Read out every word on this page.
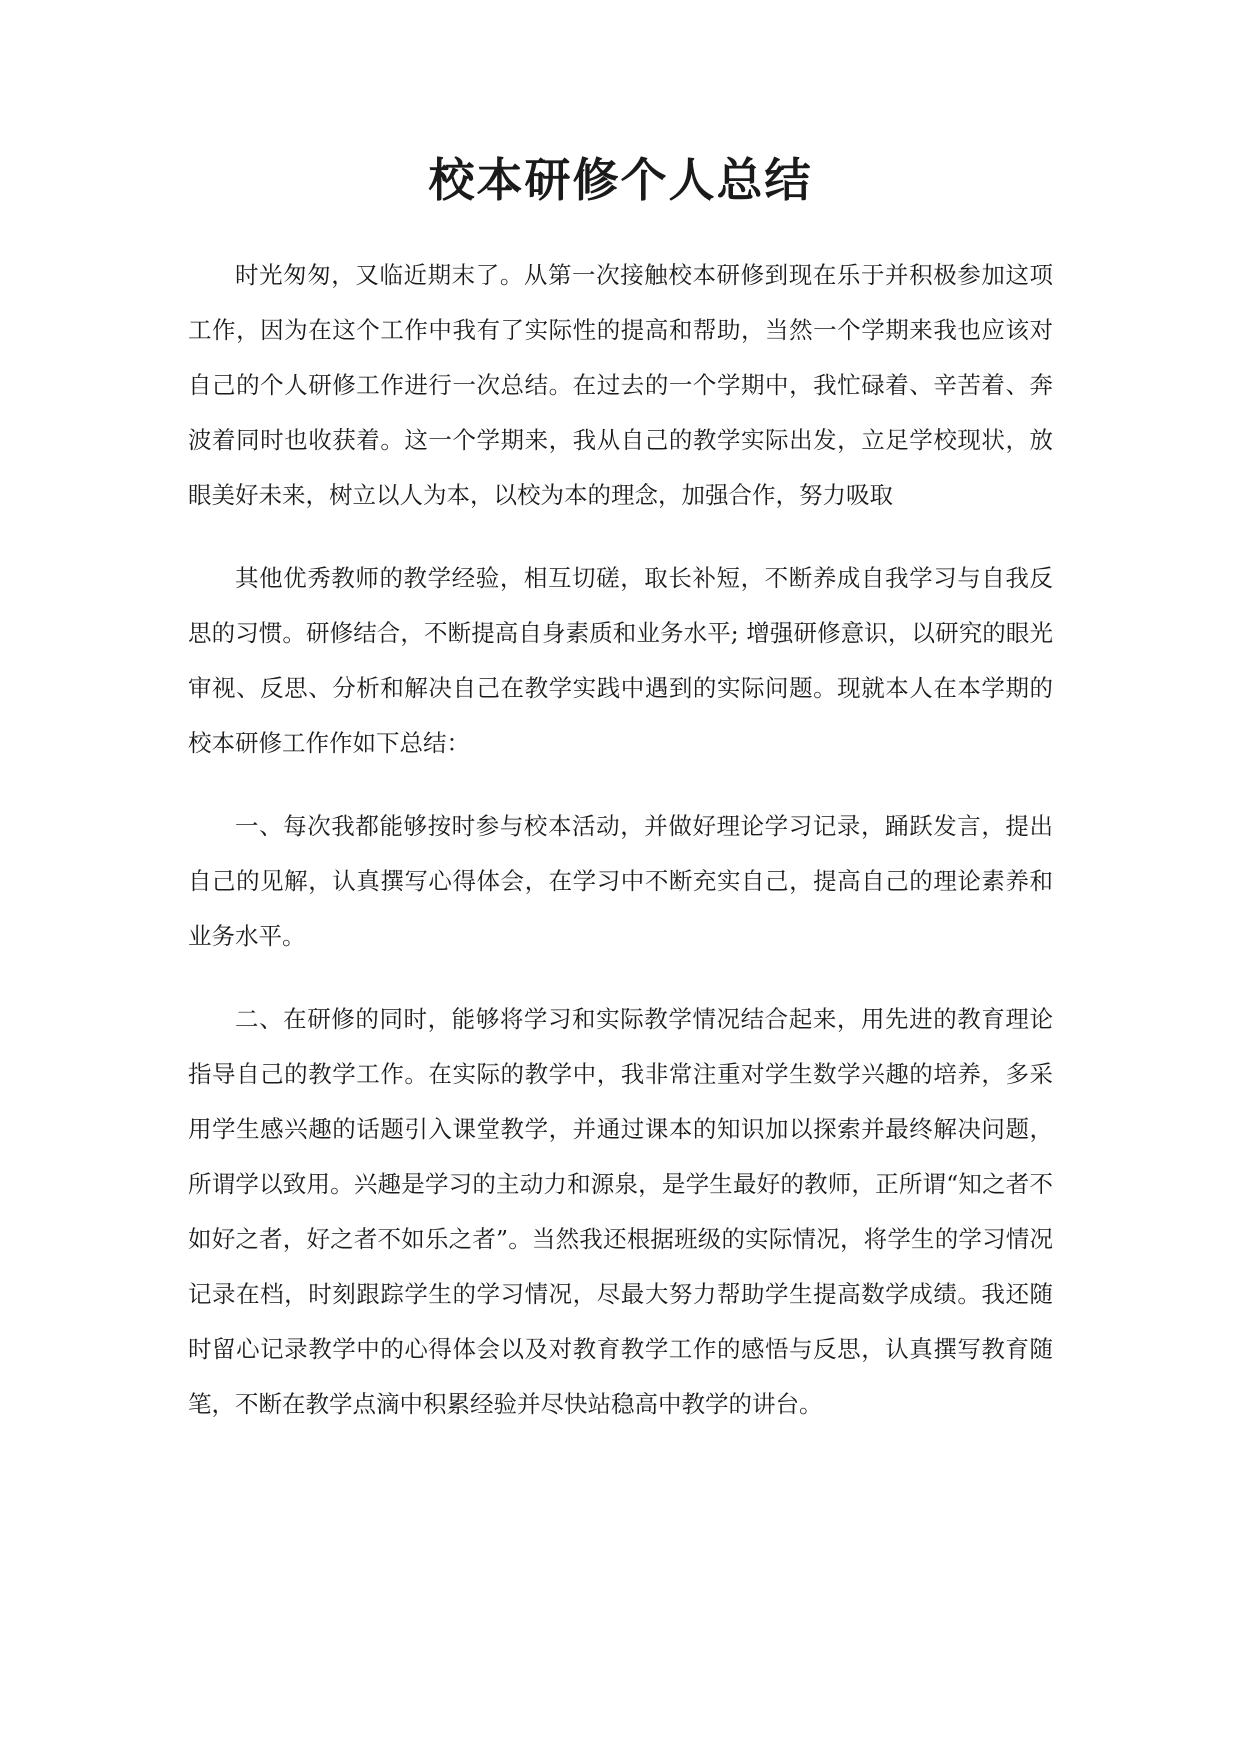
校本研修个人总结

时光匆匆，又临近期末了。从第一次接触校本研修到现在乐于并积极参加这项工作，因为在这个工作中我有了实际性的提高和帮助，当然一个学期来我也应该对自己的个人研修工作进行一次总结。在过去的一个学期中，我忙碌着、辛苦着、奔波着同时也收获着。这一个学期来，我从自己的教学实际出发，立足学校现状，放眼美好未来，树立以人为本，以校为本的理念，加强合作，努力吸取

其他优秀教师的教学经验，相互切磋，取长补短，不断养成自我学习与自我反思的习惯。研修结合，不断提高自身素质和业务水平; 增强研修意识，以研究的眼光审视、反思、分析和解决自己在教学实践中遇到的实际问题。现就本人在本学期的校本研修工作作如下总结：

一、每次我都能够按时参与校本活动，并做好理论学习记录，踊跃发言，提出自己的见解，认真撰写心得体会，在学习中不断充实自己，提高自己的理论素养和业务水平。

二、在研修的同时，能够将学习和实际教学情况结合起来，用先进的教育理论指导自己的教学工作。在实际的教学中，我非常注重对学生数学兴趣的培养，多采用学生感兴趣的话题引入课堂教学，并通过课本的知识加以探索并最终解决问题，所谓学以致用。兴趣是学习的主动力和源泉，是学生最好的教师，正所谓“知之者不如好之者，好之者不如乐之者”。当然我还根据班级的实际情况，将学生的学习情况记录在档，时刻跟踪学生的学习情况，尽最大努力帮助学生提高数学成绩。我还随时留心记录教学中的心得体会以及对教育教学工作的感悟与反思，认真撰写教育随笔，不断在教学点滴中积累经验并尽快站稳高中教学的讲台。
